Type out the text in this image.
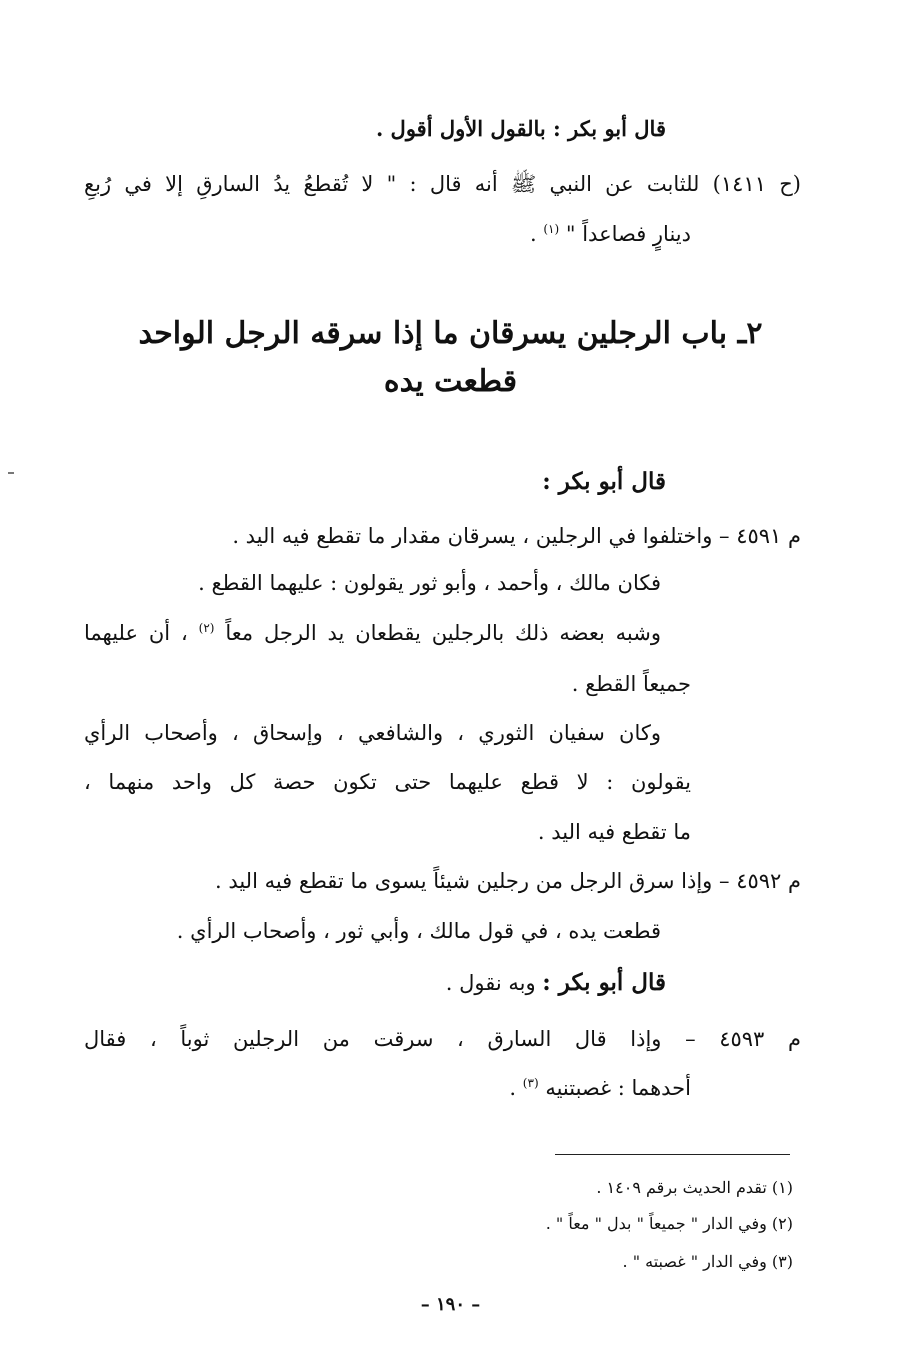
قال أبو بكر : بالقول الأول أقول .
(ح ١٤١١) للثابت عن النبي ﷺ أنه قال : " لا تُقطعُ يدُ السارقِ إلا في رُبعِ
دينارٍ فصاعداً " $^{(١)}$ .
٢ـ باب الرجلين يسرقان ما إذا سرقه الرجل الواحد
قطعت يده
قال أبو بكر :
م ٤٥٩١ – واختلفوا في الرجلين ، يسرقان مقدار ما تقطع فيه اليد .
فكان مالك ، وأحمد ، وأبو ثور يقولون : عليهما القطع .
وشبه بعضه ذلك بالرجلين يقطعان يد الرجل معاً $^{(٢)}$ ، أن عليهما
جميعاً القطع .
وكان سفيان الثوري ، والشافعي ، وإسحاق ، وأصحاب الرأي
يقولون : لا قطع عليهما حتى تكون حصة كل واحد منهما ،
ما تقطع فيه اليد .
م ٤٥٩٢ – وإذا سرق الرجل من رجلين شيئاً يسوى ما تقطع فيه اليد .
قطعت يده ، في قول مالك ، وأبي ثور ، وأصحاب الرأي .
قال أبو بكر : وبه نقول .
م ٤٥٩٣ – وإذا قال السارق ، سرقت من الرجلين ثوباً ، فقال
أحدهما : غصبتنيه $^{(٣)}$ .
(١) تقدم الحديث برقم ١٤٠٩ .
(٢) وفي الدار " جميعاً " بدل " معاً " .
(٣) وفي الدار " غصبته " .
– ١٩٠ –
